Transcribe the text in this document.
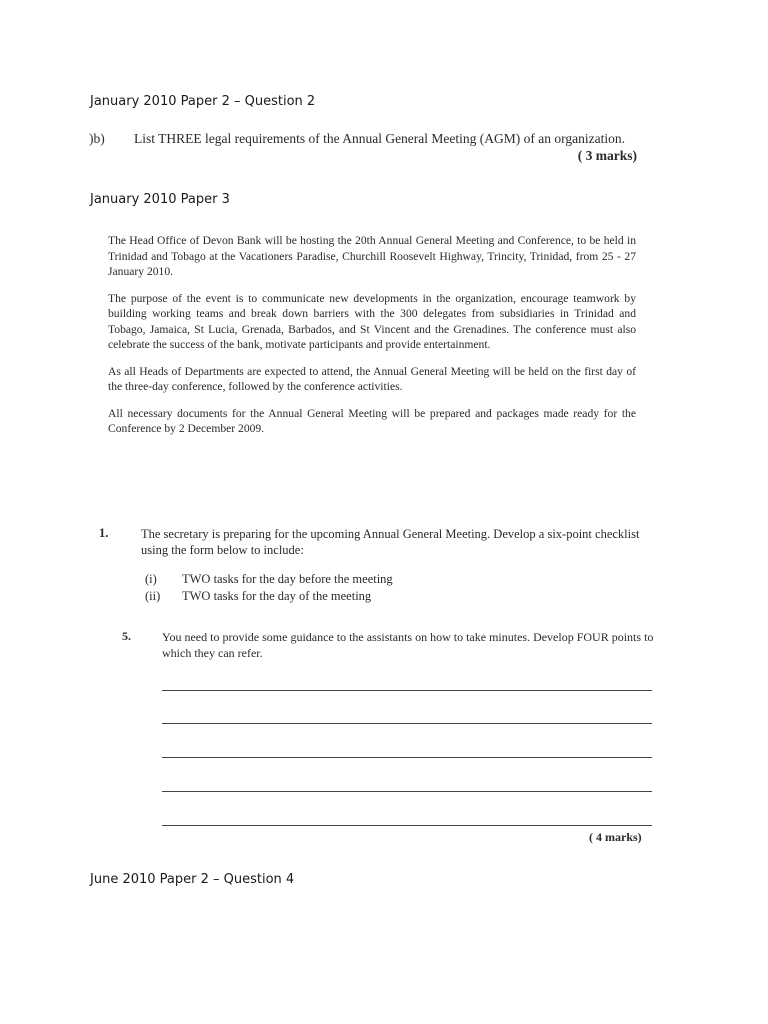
January 2010 Paper 2 – Question 2
)b) List THREE legal requirements of the Annual General Meeting (AGM) of an organization.
( 3 marks)
January 2010 Paper 3

The Head Office of Devon Bank will be hosting the 20th Annual General Meeting and Conference, to be held in Trinidad and Tobago at the Vacationers Paradise, Churchill Roosevelt Highway, Trincity, Trinidad, from 25 - 27 January 2010.

The purpose of the event is to communicate new developments in the organization, encourage teamwork by building working teams and break down barriers with the 300 delegates from subsidiaries in Trinidad and Tobago, Jamaica, St Lucia, Grenada, Barbados, and St Vincent and the Grenadines. The conference must also celebrate the success of the bank, motivate participants and provide entertainment.

As all Heads of Departments are expected to attend, the Annual General Meeting will be held on the first day of the three-day conference, followed by the conference activities.

All necessary documents for the Annual General Meeting will be prepared and packages made ready for the Conference by 2 December 2009.

1.	The secretary is preparing for the upcoming Annual General Meeting. Develop a six-point checklist using the form below to include:
(i) TWO tasks for the day before the meeting
(ii) TWO tasks for the day of the meeting
5.	You need to provide some guidance to the assistants on how to take minutes. Develop FOUR points to which they can refer.
( 4 marks)
June 2010 Paper 2 – Question 4
